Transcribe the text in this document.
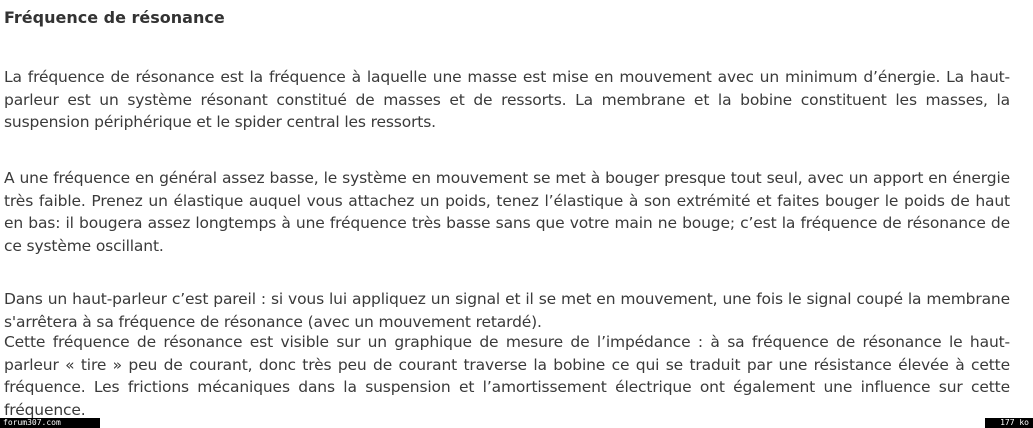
Fréquence de résonance

La fréquence de résonance est la fréquence à laquelle une masse est mise en mouvement avec un minimum d’énergie. La haut-parleur est un système résonant constitué de masses et de ressorts. La membrane et la bobine constituent les masses, la suspension périphérique et le spider central les ressorts.

A une fréquence en général assez basse, le système en mouvement se met à bouger presque tout seul, avec un apport en énergie très faible. Prenez un élastique auquel vous attachez un poids, tenez l’élastique à son extrémité et faites bouger le poids de haut en bas: il bougera assez longtemps à une fréquence très basse sans que votre main ne bouge; c’est la fréquence de résonance de ce système oscillant.

Dans un haut-parleur c’est pareil : si vous lui appliquez un signal et il se met en mouvement, une fois le signal coupé la membrane s'arrêtera à sa fréquence de résonance (avec un mouvement retardé).

Cette fréquence de résonance est visible sur un graphique de mesure de l’impédance : à sa fréquence de résonance le haut-parleur « tire » peu de courant, donc très peu de courant traverse la bobine ce qui se traduit par une résistance élevée à cette fréquence. Les frictions mécaniques dans la suspension et l’amortissement électrique ont également une influence sur cette fréquence.

forum307.com	177 ko
